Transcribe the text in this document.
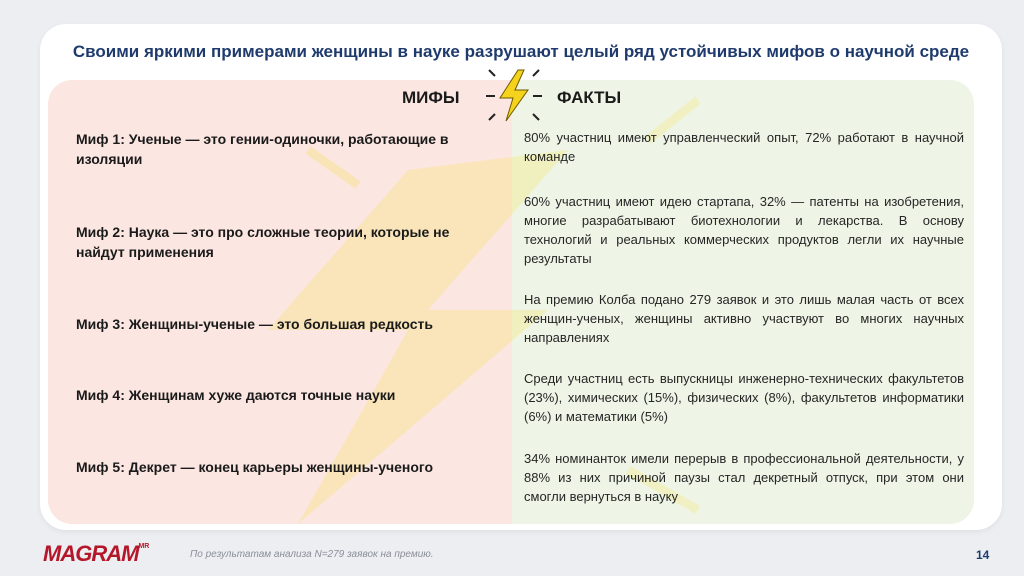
Своими яркими примерами женщины в науке разрушают целый ряд устойчивых мифов о научной среде
МИФЫ	ФАКТЫ
Миф 1: Ученые — это гении-одиночки, работающие в изоляции
Миф 2: Наука — это про сложные теории, которые не найдут применения
Миф 3: Женщины-ученые — это большая редкость
Миф 4: Женщинам хуже даются точные науки
Миф 5: Декрет — конец карьеры женщины-ученого
80% участниц имеют управленческий опыт, 72% работают в научной команде
60% участниц имеют идею стартапа, 32% — патенты на изобретения, многие разрабатывают биотехнологии и лекарства. В основу технологий и реальных коммерческих продуктов легли их научные результаты
На премию Колба подано 279 заявок и это лишь малая часть от всех женщин-ученых, женщины активно участвуют во многих научных направлениях
Среди участниц есть выпускницы инженерно-технических факультетов (23%), химических (15%), физических (8%), факультетов информатики (6%) и математики (5%)
34% номинанток имели перерыв в профессиональной деятельности, у 88% из них причиной паузы стал декретный отпуск, при этом они смогли вернуться в науку
$MAGRAM^{MR}$
По результатам анализа N=279 заявок на премию.	14
